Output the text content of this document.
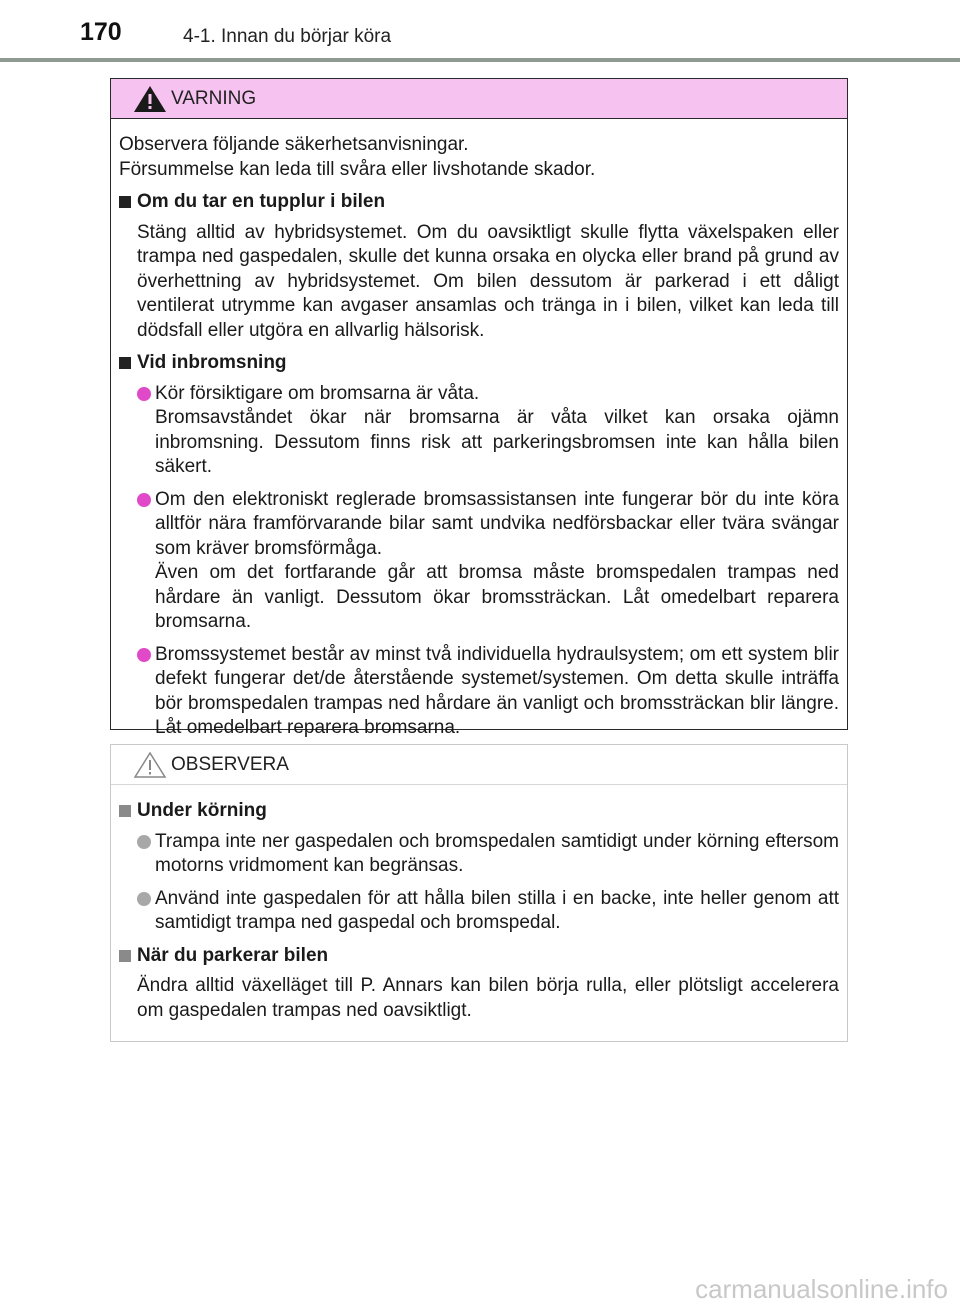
170	4-1. Innan du börjar köra
VARNING

Observera följande säkerhetsanvisningar.
Försummelse kan leda till svåra eller livshotande skador.

Om du tar en tupplur i bilen

Stäng alltid av hybridsystemet. Om du oavsiktligt skulle flytta växelspaken eller trampa ned gaspedalen, skulle det kunna orsaka en olycka eller brand på grund av överhettning av hybridsystemet. Om bilen dessutom är parkerad i ett dåligt ventilerat utrymme kan avgaser ansamlas och tränga in i bilen, vilket kan leda till dödsfall eller utgöra en allvarlig hälsorisk.

Vid inbromsning

Kör försiktigare om bromsarna är våta.

Bromsavståndet ökar när bromsarna är våta vilket kan orsaka ojämn inbromsning. Dessutom finns risk att parkeringsbromsen inte kan hålla bilen säkert.

Om den elektroniskt reglerade bromsassistansen inte fungerar bör du inte köra alltför nära framförvarande bilar samt undvika nedförsbackar eller tvära svängar som kräver bromsförmåga.

Även om det fortfarande går att bromsa måste bromspedalen trampas ned hårdare än vanligt. Dessutom ökar bromssträckan. Låt omedelbart reparera bromsarna.

Bromssystemet består av minst två individuella hydraulsystem; om ett system blir defekt fungerar det/de återstående systemet/systemen. Om detta skulle inträffa bör bromspedalen trampas ned hårdare än vanligt och bromssträckan blir längre. Låt omedelbart reparera bromsarna.

OBSERVERA
Under körning

Trampa inte ner gaspedalen och bromspedalen samtidigt under körning eftersom motorns vridmoment kan begränsas.

Använd inte gaspedalen för att hålla bilen stilla i en backe, inte heller genom att samtidigt trampa ned gaspedal och bromspedal.

När du parkerar bilen

Ändra alltid växelläget till P. Annars kan bilen börja rulla, eller plötsligt accelerera om gaspedalen trampas ned oavsiktligt.

carmanualsonline.info
